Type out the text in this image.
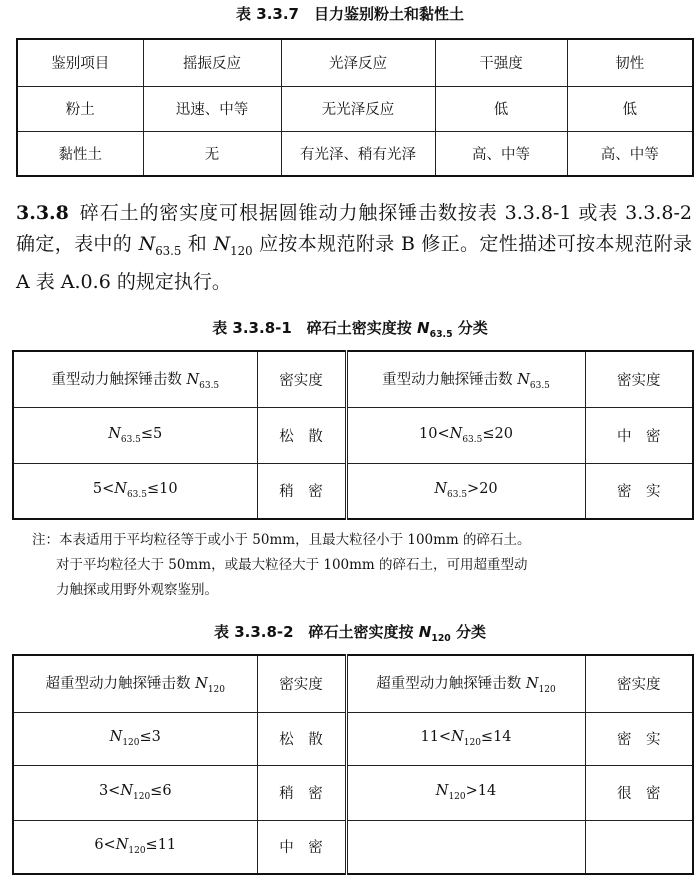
表 3.3.7　目力鉴别粉土和黏性土
鉴别项目	摇振反应	光泽反应	干强度	韧性
粉土	迅速、中等	无光泽反应	低	低
黏性土	无	有光泽、稍有光泽	高、中等	高、中等
3.3.8 碎石土的密实度可根据圆锥动力触探锤击数按表 3.3.8-1 或表 3.3.8-2 确定，表中的 $N_{63.5}$ 和 $N_{120}$ 应按本规范附录 B 修正。定性描述可按本规范附录 A 表 A.0.6 的规定执行。
表 3.3.8-1　碎石土密实度按 $N_{63.5}$ 分类
重型动力触探锤击数 $N_{63.5}$	密实度	重型动力触探锤击数 $N_{63.5}$	密实度
$N_{63.5}\le 5$	松　散	$10<N_{63.5}\le 20$	中　密
$5<N_{63.5}\le 10$	稍　密	$N_{63.5}>20$	密　实

注：本表适用于平均粒径等于或小于 50mm，且最大粒径小于 100mm 的碎石土。

对于平均粒径大于 50mm，或最大粒径大于 100mm 的碎石土，可用超重型动

力触探或用野外观察鉴别。

表 3.3.8-2　碎石土密实度按 $N_{120}$ 分类
超重型动力触探锤击数 $N_{120}$	密实度	超重型动力触探锤击数 $N_{120}$	密实度
$N_{120}\le 3$	松　散	$11<N_{120}\le 14$	密　实
$3<N_{120}\le 6$	稍　密	$N_{120}>14$	很　密
$6<N_{120}\le 11$	中　密		
